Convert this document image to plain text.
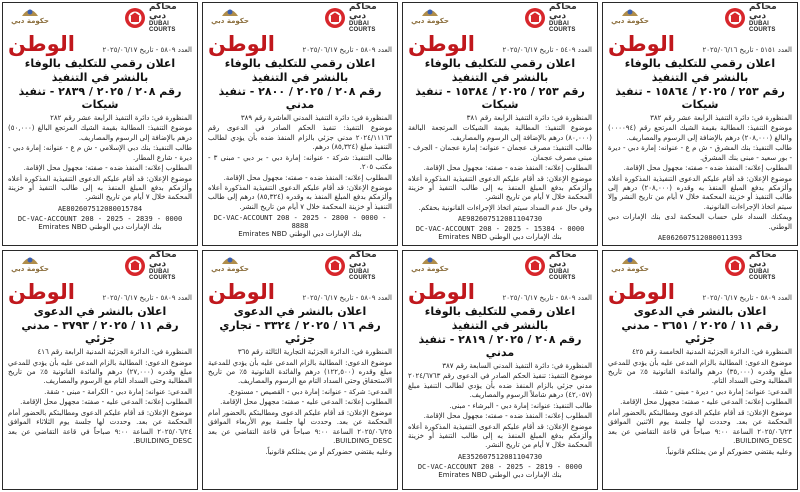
محاكم دبي
DUBAI COURTS
حكومة دبي
العدد ٥١٥١ - تاريخ ٢٠٢٥/٠٦/١٦
الوطن
اعلان رقمي للتكليف بالوفاء بالنشر في التنفيذ
رقم ٢٥٣ / ٢٠٢٥ / ١٥٨٦٤ - تنفيذ شيكات

المنظورة في: دائرة التنفيذ الرابعة عشر رقم ٣٨٢

موضوع التنفيذ: المطالبة بقيمة الشيك المرتجع رقم (٠٠٠٠٩٤) والبالغ (٢٠٨,٠٠٠) درهم بالإضافة إلى الرسوم والمصاريف.

طالب التنفيذ: بنك المشرق - ش م ع - عنوانه: إمارة دبي - ديرة - بور سعيد - مبنى بنك المشرق.

المطلوب إعلانه: المنفذ ضده - صفته: مجهول محل الإقامة.

موضوع الإعلان: قد أقام عليكم الدعوى التنفيذية المذكورة أعلاه وألزمكم بدفع المبلغ المنفذ به وقدره (٢٠٨,٠٠٠) درهم إلى طالب التنفيذ أو خزينة المحكمة خلال ٧ أيام من تاريخ النشر وإلا سيتم اتخاذ الإجراءات القانونية.

ويمكنك السداد على حساب المحكمة لدى بنك الإمارات دبي الوطني.

AE062607512080011393
محاكم دبي
DUBAI COURTS
حكومة دبي
العدد ٥٤٠٩ - تاريخ ٢٠٢٥/٠٦/١٧
الوطن
اعلان رقمي للتكليف بالوفاء بالنشر في التنفيذ
رقم ٢٥٣ / ٢٠٢٥ / ١٥٣٨٤ - تنفيذ شيكات

المنظورة في: دائرة التنفيذ الرابعة رقم ٣٨١

موضوع التنفيذ: المطالبة بقيمة الشيكات المرتجعة البالغة (٨٠,٠٠٠) درهم بالإضافة إلى الرسوم والمصاريف.

طالب التنفيذ: مصرف عجمان - عنوانه: إمارة عجمان - الجرف - مبنى مصرف عجمان.

المطلوب إعلانه: المنفذ ضده - صفته: مجهول محل الإقامة.

موضوع الإعلان: قد أقام عليكم الدعوى التنفيذية المذكورة أعلاه وألزمكم بدفع المبلغ المنفذ به إلى طالب التنفيذ أو خزينة المحكمة خلال ٧ أيام من تاريخ النشر.

وفي حال عدم السداد سيتم اتخاذ الإجراءات القانونية بحقكم.

AE982607512081104730
DC-VAC-ACCOUNT 208 - 2025 - 15384 - 0000
بنك الإمارات دبي الوطني Emirates NBD
محاكم دبي
DUBAI COURTS
حكومة دبي
العدد ٥٨٠٩ - تاريخ ٢٠٢٥/٠٦/١٧
الوطن
اعلان رقمي للتكليف بالوفاء بالنشر في التنفيذ
رقم ٢٠٨ / ٢٠٢٥ / ٢٨٠٠ - تنفيذ مدني

المنظورة في: دائرة التنفيذ المدني العاشرة رقم ٣٨٩

موضوع التنفيذ: تنفيذ الحكم الصادر في الدعوى رقم ٢٠٢٤/١١١٦٣ مدني جزئي بالزام المنفذ ضده بأن يؤدي لطالب التنفيذ مبلغ (٨٥,٣٢٤) درهم.

طالب التنفيذ: شركة - عنوانه: إمارة دبي - بر دبي - مبنى ٣ - مكتب ٢٠٥.

المطلوب إعلانه: المنفذ ضده - صفته: مجهول محل الإقامة.

موضوع الإعلان: قد أقام عليكم الدعوى التنفيذية المذكورة أعلاه وألزمكم بدفع المبلغ المنفذ به وقدره (٨٥,٣٢٤) درهم إلى طالب التنفيذ أو خزينة المحكمة خلال ٧ أيام من تاريخ النشر.

DC-VAC-ACCOUNT 208 - 2025 - 2800 - 0000 - 8888
بنك الإمارات دبي الوطني Emirates NBD
محاكم دبي
DUBAI COURTS
حكومة دبي
العدد ٥٨٠٩ - تاريخ ٢٠٢٥/٠٦/١٧
الوطن
اعلان رقمي للتكليف بالوفاء بالنشر في التنفيذ
رقم ٢٠٨ / ٢٠٢٥ / ٢٨٣٩ - تنفيذ شيكات

المنظورة في: دائرة التنفيذ الرابعة عشر رقم ٢٨٢

موضوع التنفيذ: المطالبة بقيمة الشيك المرتجع البالغ (٥٠,٠٠٠) درهم بالإضافة إلى الرسوم والمصاريف.

طالب التنفيذ: بنك دبي الإسلامي - ش م ع - عنوانه: إمارة دبي - ديرة - شارع المطار.

المطلوب إعلانه: المنفذ ضده - صفته: مجهول محل الإقامة.

موضوع الإعلان: قد أقام عليكم الدعوى التنفيذية المذكورة أعلاه وألزمكم بدفع المبلغ المنفذ به إلى طالب التنفيذ أو خزينة المحكمة خلال ٧ أيام من تاريخ النشر.

AE802607512080015784
DC-VAC-ACCOUNT 208 - 2025 - 2839 - 0000
بنك الإمارات دبي الوطني Emirates NBD
محاكم دبي
DUBAI COURTS
حكومة دبي
العدد ٥٨٠٩ - تاريخ ٢٠٢٥/٠٦/١٧
الوطن
اعلان بالنشر في الدعوى
رقم ١١ / ٢٠٢٥ / ٣٦٥١ - مدني جزئي

المنظورة في: الدائرة الجزئية المدنية الخامسة رقم ٤٢٥

موضوع الدعوى: المطالبة بالزام المدعى عليه بأن يؤدي للمدعي مبلغ وقدره (٣٥,٠٠٠) درهم والفائدة القانونية ٥٪ من تاريخ المطالبة وحتى السداد التام.

المدعي: عنوانه: إمارة دبي - ديرة - مبنى - شقة.

المطلوب إعلانه: المدعى عليه - صفته: مجهول محل الإقامة.

موضوع الإعلان: قد أقام عليكم الدعوى ومطالبتكم بالحضور أمام المحكمة عن بعد. وحددت لها جلسة يوم الاثنين الموافق ٢٠٢٥/٠٦/٢٣ الساعة ٩:٠٠ صباحاً في قاعة التقاضي عن بعد BUILDING_DESC.

وعليه يقتضي حضوركم أو من يمثلكم قانونياً.

محاكم دبي
DUBAI COURTS
حكومة دبي
العدد ٥٨٠٩ - تاريخ ٢٠٢٥/٠٦/١٧
الوطن
اعلان رقمي للتكليف بالوفاء بالنشر في التنفيذ
رقم ٢٠٨ / ٢٠٢٥ / ٢٨١٩ - تنفيذ مدني

المنظورة في: دائرة التنفيذ المدني السابعة رقم ٣٨٧

موضوع التنفيذ: تنفيذ الحكم الصادر في الدعوى رقم ٢٠٢٤/٦٧٦٣ مدني جزئي بالزام المنفذ ضده بأن يؤدي لطالب التنفيذ مبلغ (٤٢,٠٥٧) درهم شاملاً الرسوم والمصاريف.

طالب التنفيذ: عنوانه: إمارة دبي - البرشاء - مبنى.

المطلوب إعلانه: المنفذ ضده - صفته: مجهول محل الإقامة.

موضوع الإعلان: قد أقام عليكم الدعوى التنفيذية المذكورة أعلاه وألزمكم بدفع المبلغ المنفذ به إلى طالب التنفيذ أو خزينة المحكمة خلال ٧ أيام من تاريخ النشر.

AE352607512081104730
DC-VAC-ACCOUNT 208 - 2025 - 2819 - 0000
بنك الإمارات دبي الوطني Emirates NBD
محاكم دبي
DUBAI COURTS
حكومة دبي
العدد ٥٨٠٩ - تاريخ ٢٠٢٥/٠٦/١٧
الوطن
اعلان بالنشر في الدعوى
رقم ١٦ / ٢٠٢٥ / ٣٣٢٤ - تجاري جزئي

المنظورة في: الدائرة الجزئية التجارية الثالثة رقم ٣٦٥

موضوع الدعوى: المطالبة بالزام المدعى عليه بأن يؤدي للمدعية مبلغ وقدره (١٢٢,٥٠٠) درهم والفائدة القانونية ٥٪ من تاريخ الاستحقاق وحتى السداد التام مع الرسوم والمصاريف.

المدعي: شركة - عنوانه: إمارة دبي - القصيص - مستودع.

المطلوب إعلانه: المدعى عليه - صفته: مجهول محل الإقامة.

موضوع الإعلان: قد أقام عليكم الدعوى ومطالبتكم بالحضور أمام المحكمة عن بعد. وحددت لها جلسة يوم الأربعاء الموافق ٢٠٢٥/٠٦/٢٥ الساعة ٩:٠٠ صباحاً في قاعة التقاضي عن بعد BUILDING_DESC.

وعليه يقتضي حضوركم أو من يمثلكم قانونياً.

محاكم دبي
DUBAI COURTS
حكومة دبي
العدد ٥٨٠٩ - تاريخ ٢٠٢٥/٠٦/١٧
الوطن
اعلان بالنشر في الدعوى
رقم ١١ / ٢٠٢٥ / ٣٧٩٣ - مدني جزئي

المنظورة في: الدائرة الجزئية المدنية الرابعة رقم ٤١٦

موضوع الدعوى: المطالبة بالزام المدعى عليه بأن يؤدي للمدعي مبلغ وقدره (٢٧,٠٠٠) درهم والفائدة القانونية ٥٪ من تاريخ المطالبة وحتى السداد التام مع الرسوم والمصاريف.

المدعي: عنوانه: إمارة دبي - الكرامة - مبنى - شقة.

المطلوب إعلانه: المدعى عليه - صفته: مجهول محل الإقامة.

موضوع الإعلان: قد أقام عليكم الدعوى ومطالبتكم بالحضور أمام المحكمة عن بعد. وحددت لها جلسة يوم الثلاثاء الموافق ٢٠٢٥/٠٦/٢٤ الساعة ٩:٠٠ صباحاً في قاعة التقاضي عن بعد BUILDING_DESC.
